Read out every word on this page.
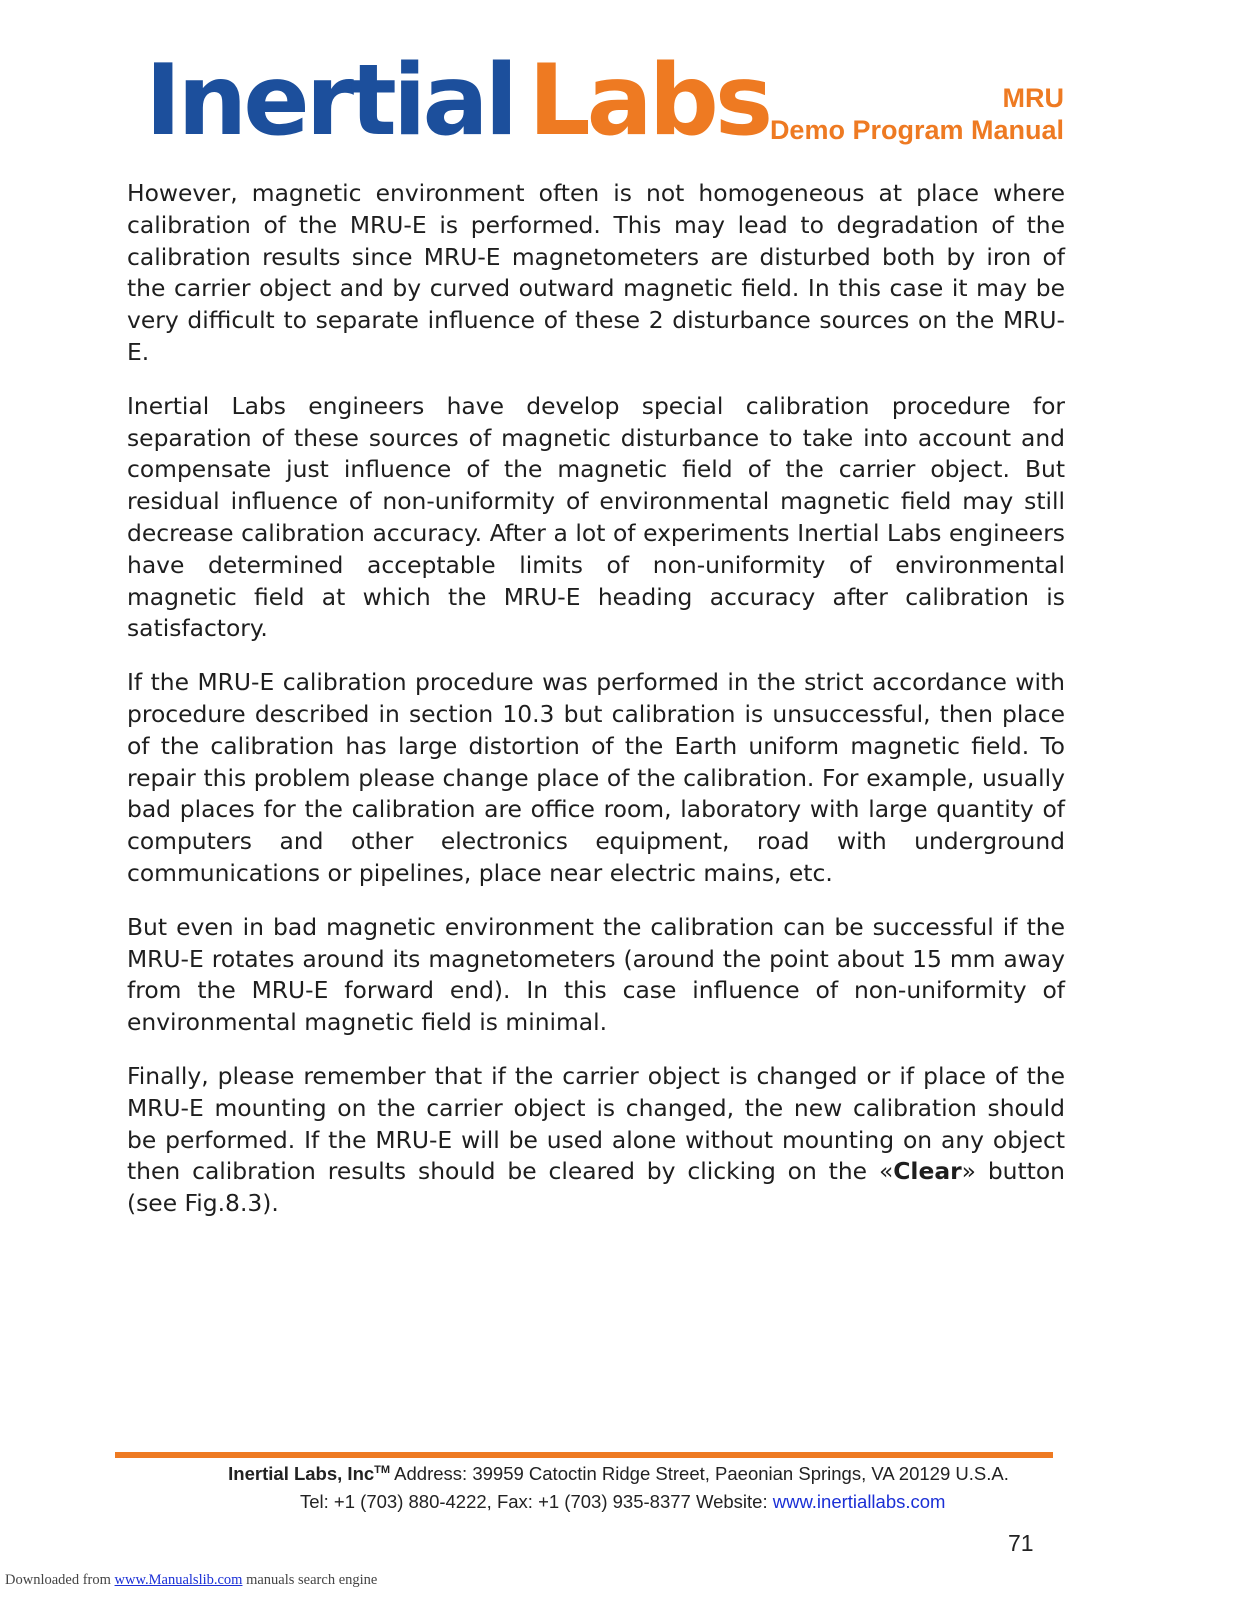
Inertial Labs	MRU
Demo Program Manual

However, magnetic environment often is not homogeneous at place where calibration of the MRU-E is performed. This may lead to degradation of the calibration results since MRU-E magnetometers are disturbed both by iron of the carrier object and by curved outward magnetic field. In this case it may be very difficult to separate influence of these 2 disturbance sources on the MRU-E.

Inertial Labs engineers have develop special calibration procedure for separation of these sources of magnetic disturbance to take into account and compensate just influence of the magnetic field of the carrier object. But residual influence of non-uniformity of environmental magnetic field may still decrease calibration accuracy. After a lot of experiments Inertial Labs engineers have determined acceptable limits of non-uniformity of environmental magnetic field at which the MRU-E heading accuracy after calibration is satisfactory.

If the MRU-E calibration procedure was performed in the strict accordance with procedure described in section 10.3 but calibration is unsuccessful, then place of the calibration has large distortion of the Earth uniform magnetic field. To repair this problem please change place of the calibration. For example, usually bad places for the calibration are office room, laboratory with large quantity of computers and other electronics equipment, road with underground communications or pipelines, place near electric mains, etc.

But even in bad magnetic environment the calibration can be successful if the MRU-E rotates around its magnetometers (around the point about 15 mm away from the MRU-E forward end). In this case influence of non-uniformity of environmental magnetic field is minimal.

Finally, please remember that if the carrier object is changed or if place of the MRU-E mounting on the carrier object is changed, the new calibration should be performed. If the MRU-E will be used alone without mounting on any object then calibration results should be cleared by clicking on the «Clear» button (see Fig.8.3).

Inertial Labs, Inc™ Address: 39959 Catoctin Ridge Street, Paeonian Springs, VA 20129 U.S.A.
Tel: +1 (703) 880-4222, Fax: +1 (703) 935-8377 Website: www.inertiallabs.com
71
Downloaded from www.Manualslib.com manuals search engine
